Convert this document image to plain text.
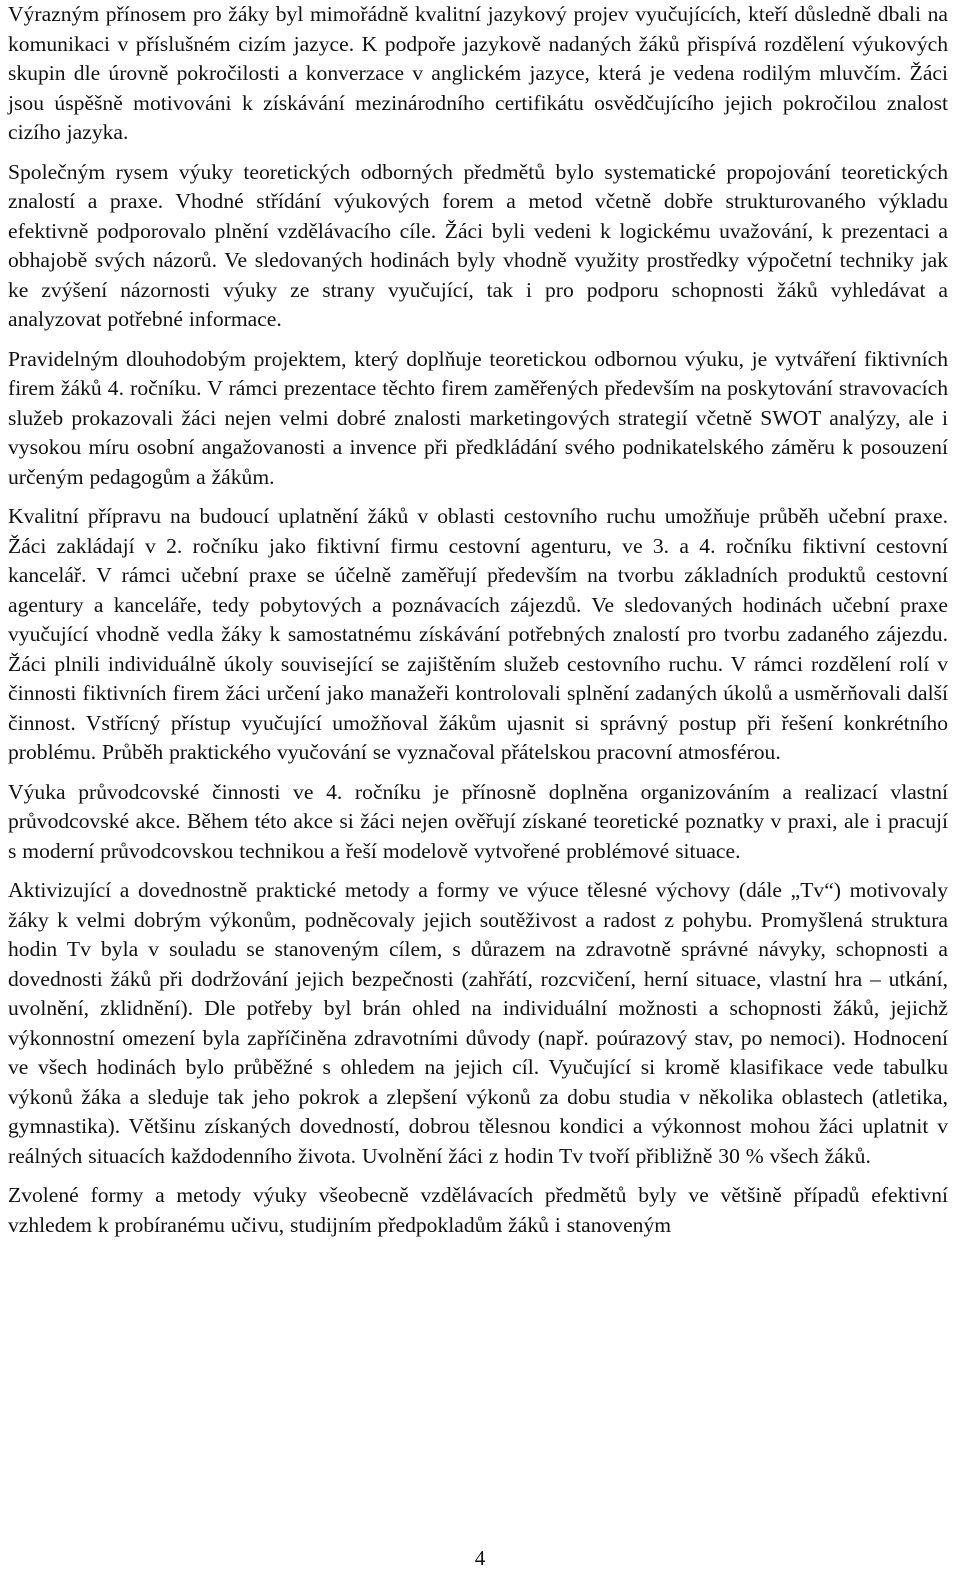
Výrazným přínosem pro žáky byl mimořádně kvalitní jazykový projev vyučujících, kteří důsledně dbali na komunikaci v příslušném cizím jazyce. K podpoře jazykově nadaných žáků přispívá rozdělení výukových skupin dle úrovně pokročilosti a konverzace v anglickém jazyce, která je vedena rodilým mluvčím. Žáci jsou úspěšně motivováni k získávání mezinárodního certifikátu osvědčujícího jejich pokročilou znalost cizího jazyka.

Společným rysem výuky teoretických odborných předmětů bylo systematické propojování teoretických znalostí a praxe. Vhodné střídání výukových forem a metod včetně dobře strukturovaného výkladu efektivně podporovalo plnění vzdělávacího cíle. Žáci byli vedeni k logickému uvažování, k prezentaci a obhajobě svých názorů. Ve sledovaných hodinách byly vhodně využity prostředky výpočetní techniky jak ke zvýšení názornosti výuky ze strany vyučující, tak i pro podporu schopnosti žáků vyhledávat a analyzovat potřebné informace.

Pravidelným dlouhodobým projektem, který doplňuje teoretickou odbornou výuku, je vytváření fiktivních firem žáků 4. ročníku. V rámci prezentace těchto firem zaměřených především na poskytování stravovacích služeb prokazovali žáci nejen velmi dobré znalosti marketingových strategií včetně SWOT analýzy, ale i vysokou míru osobní angažovanosti a invence při předkládání svého podnikatelského záměru k posouzení určeným pedagogům a žákům.

Kvalitní přípravu na budoucí uplatnění žáků v oblasti cestovního ruchu umožňuje průběh učební praxe. Žáci zakládají v 2. ročníku jako fiktivní firmu cestovní agenturu, ve 3. a 4. ročníku fiktivní cestovní kancelář. V rámci učební praxe se účelně zaměřují především na tvorbu základních produktů cestovní agentury a kanceláře, tedy pobytových a poznávacích zájezdů. Ve sledovaných hodinách učební praxe vyučující vhodně vedla žáky k samostatnému získávání potřebných znalostí pro tvorbu zadaného zájezdu. Žáci plnili individuálně úkoly související se zajištěním služeb cestovního ruchu. V rámci rozdělení rolí v činnosti fiktivních firem žáci určení jako manažeři kontrolovali splnění zadaných úkolů a usměrňovali další činnost. Vstřícný přístup vyučující umožňoval žákům ujasnit si správný postup při řešení konkrétního problému. Průběh praktického vyučování se vyznačoval přátelskou pracovní atmosférou.

Výuka průvodcovské činnosti ve 4. ročníku je přínosně doplněna organizováním a realizací vlastní průvodcovské akce. Během této akce si žáci nejen ověřují získané teoretické poznatky v praxi, ale i pracují s moderní průvodcovskou technikou a řeší modelově vytvořené problémové situace.

Aktivizující a dovednostně praktické metody a formy ve výuce tělesné výchovy (dále „Tv“) motivovaly žáky k velmi dobrým výkonům, podněcovaly jejich soutěživost a radost z pohybu. Promyšlená struktura hodin Tv byla v souladu se stanoveným cílem, s důrazem na zdravotně správné návyky, schopnosti a dovednosti žáků při dodržování jejich bezpečnosti (zahřátí, rozcvičení, herní situace, vlastní hra – utkání, uvolnění, zklidnění). Dle potřeby byl brán ohled na individuální možnosti a schopnosti žáků, jejichž výkonnostní omezení byla zapříčiněna zdravotními důvody (např. poúrazový stav, po nemoci). Hodnocení ve všech hodinách bylo průběžné s ohledem na jejich cíl. Vyučující si kromě klasifikace vede tabulku výkonů žáka a sleduje tak jeho pokrok a zlepšení výkonů za dobu studia v několika oblastech (atletika, gymnastika). Většinu získaných dovedností, dobrou tělesnou kondici a výkonnost mohou žáci uplatnit v reálných situacích každodenního života. Uvolnění žáci z hodin Tv tvoří přibližně 30 % všech žáků.

Zvolené formy a metody výuky všeobecně vzdělávacích předmětů byly ve většině případů efektivní vzhledem k probíranému učivu, studijním předpokladům žáků i stanoveným

4
